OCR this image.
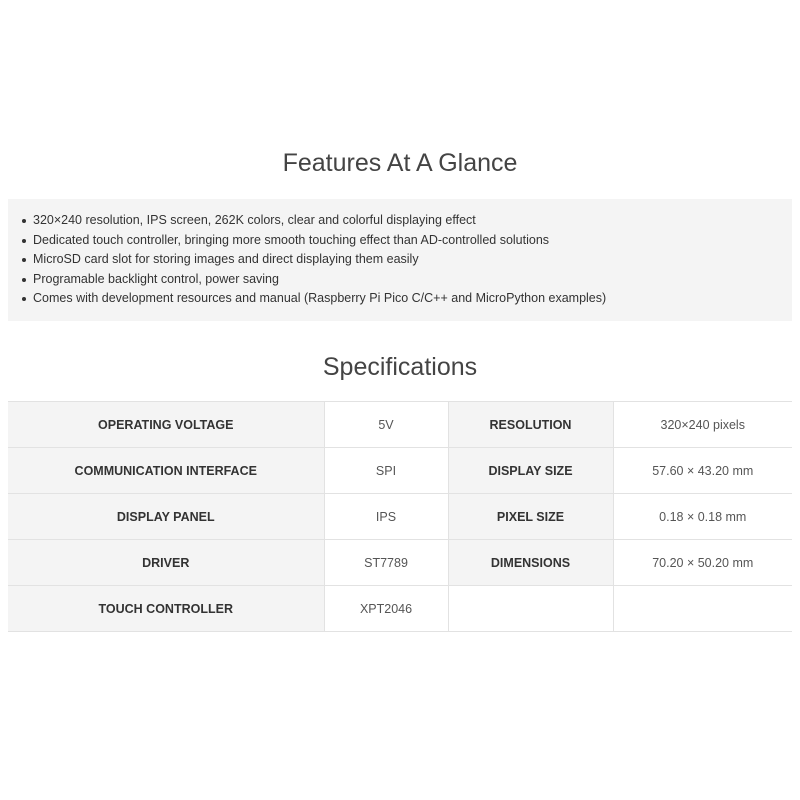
Features At A Glance
320×240 resolution, IPS screen, 262K colors, clear and colorful displaying effect
Dedicated touch controller, bringing more smooth touching effect than AD-controlled solutions
MicroSD card slot for storing images and direct displaying them easily
Programable backlight control, power saving
Comes with development resources and manual (Raspberry Pi Pico C/C++ and MicroPython examples)
Specifications
OPERATING VOLTAGE	5V	RESOLUTION	320×240 pixels
COMMUNICATION INTERFACE	SPI	DISPLAY SIZE	57.60 × 43.20 mm
DISPLAY PANEL	IPS	PIXEL SIZE	0.18 × 0.18 mm
DRIVER	ST7789	DIMENSIONS	70.20 × 50.20 mm
TOUCH CONTROLLER	XPT2046		
